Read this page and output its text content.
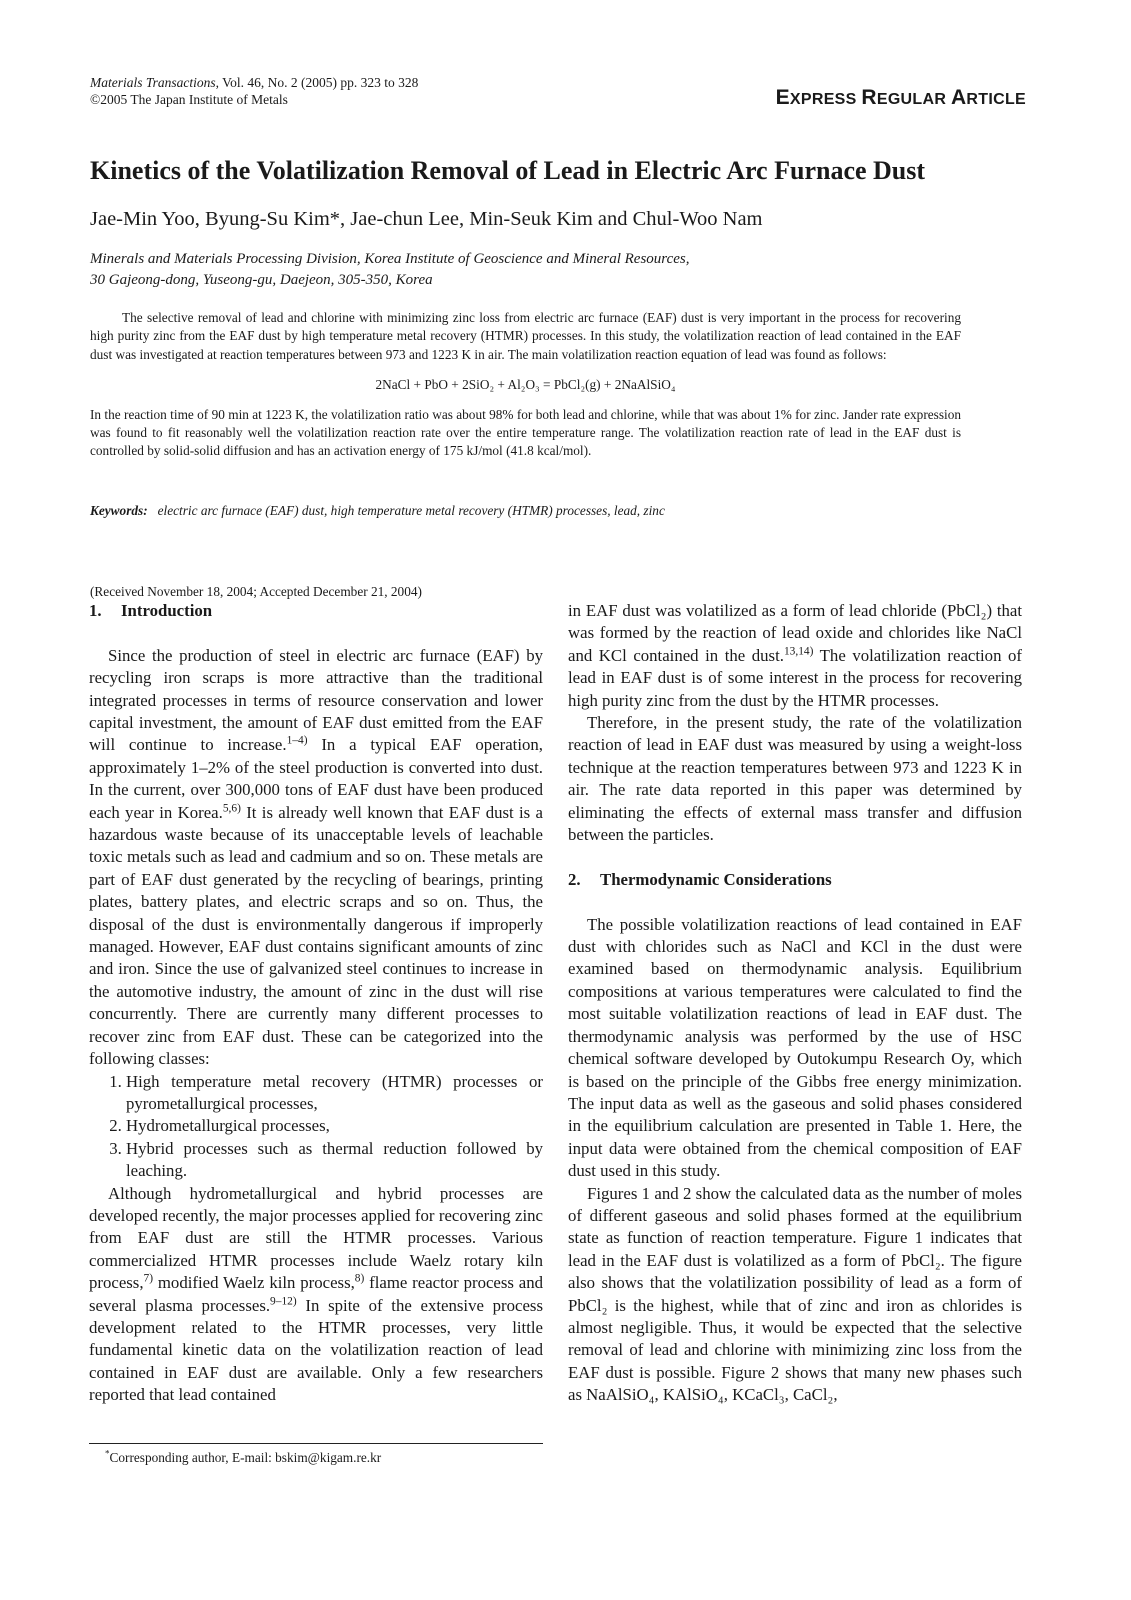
Materials Transactions, Vol. 46, No. 2 (2005) pp. 323 to 328
©2005 The Japan Institute of Metals	EXPRESS REGULAR ARTICLE
Kinetics of the Volatilization Removal of Lead in Electric Arc Furnace Dust
Jae-Min Yoo, Byung-Su Kim*, Jae-chun Lee, Min-Seuk Kim and Chul-Woo Nam
Minerals and Materials Processing Division, Korea Institute of Geoscience and Mineral Resources,
30 Gajeong-dong, Yuseong-gu, Daejeon, 305-350, Korea

The selective removal of lead and chlorine with minimizing zinc loss from electric arc furnace (EAF) dust is very important in the process for recovering high purity zinc from the EAF dust by high temperature metal recovery (HTMR) processes. In this study, the volatilization reaction of lead contained in the EAF dust was investigated at reaction temperatures between 973 and 1223 K in air. The main volatilization reaction equation of lead was found as follows:

2NaCl + PbO + 2SiO₂ + Al₂O₃ = PbCl₂(g) + 2NaAlSiO₄

In the reaction time of 90 min at 1223 K, the volatilization ratio was about 98% for both lead and chlorine, while that was about 1% for zinc. Jander rate expression was found to fit reasonably well the volatilization reaction rate over the entire temperature range. The volatilization reaction rate of lead in the EAF dust is controlled by solid-solid diffusion and has an activation energy of 175 kJ/mol (41.8 kcal/mol).

Keywords: electric arc furnace (EAF) dust, high temperature metal recovery (HTMR) processes, lead, zinc
(Received November 18, 2004; Accepted December 21, 2004)
1. Introduction

Since the production of steel in electric arc furnace (EAF) by recycling iron scraps is more attractive than the traditional integrated processes in terms of resource conservation and lower capital investment, the amount of EAF dust emitted from the EAF will continue to increase.$^{1-4)}$ In a typical EAF operation, approximately 1–2% of the steel production is converted into dust. In the current, over 300,000 tons of EAF dust have been produced each year in Korea.$^{5,6)}$ It is already well known that EAF dust is a hazardous waste because of its unacceptable levels of leachable toxic metals such as lead and cadmium and so on. These metals are part of EAF dust generated by the recycling of bearings, printing plates, battery plates, and electric scraps and so on. Thus, the disposal of the dust is environmentally dangerous if improperly managed. However, EAF dust contains significant amounts of zinc and iron. Since the use of galvanized steel continues to increase in the automotive industry, the amount of zinc in the dust will rise concurrently. There are currently many different processes to recover zinc from EAF dust. These can be categorized into the following classes:

1. High temperature metal recovery (HTMR) processes or pyrometallurgical processes,
2. Hydrometallurgical processes,
3. Hybrid processes such as thermal reduction followed by leaching.

Although hydrometallurgical and hybrid processes are developed recently, the major processes applied for recovering zinc from EAF dust are still the HTMR processes. Various commercialized HTMR processes include Waelz rotary kiln process,$^{7)}$ modified Waelz kiln process,$^{8)}$ flame reactor process and several plasma processes.$^{9-12)}$ In spite of the extensive process development related to the HTMR processes, very little fundamental kinetic data on the volatilization reaction of lead contained in EAF dust are available. Only a few researchers reported that lead contained

in EAF dust was volatilized as a form of lead chloride (PbCl₂) that was formed by the reaction of lead oxide and chlorides like NaCl and KCl contained in the dust.$^{13,14)}$ The volatilization reaction of lead in EAF dust is of some interest in the process for recovering high purity zinc from the dust by the HTMR processes.

Therefore, in the present study, the rate of the volatilization reaction of lead in EAF dust was measured by using a weight-loss technique at the reaction temperatures between 973 and 1223 K in air. The rate data reported in this paper was determined by eliminating the effects of external mass transfer and diffusion between the particles.

2. Thermodynamic Considerations

The possible volatilization reactions of lead contained in EAF dust with chlorides such as NaCl and KCl in the dust were examined based on thermodynamic analysis. Equilibrium compositions at various temperatures were calculated to find the most suitable volatilization reactions of lead in EAF dust. The thermodynamic analysis was performed by the use of HSC chemical software developed by Outokumpu Research Oy, which is based on the principle of the Gibbs free energy minimization. The input data as well as the gaseous and solid phases considered in the equilibrium calculation are presented in Table 1. Here, the input data were obtained from the chemical composition of EAF dust used in this study.

Figures 1 and 2 show the calculated data as the number of moles of different gaseous and solid phases formed at the equilibrium state as function of reaction temperature. Figure 1 indicates that lead in the EAF dust is volatilized as a form of PbCl₂. The figure also shows that the volatilization possibility of lead as a form of PbCl₂ is the highest, while that of zinc and iron as chlorides is almost negligible. Thus, it would be expected that the selective removal of lead and chlorine with minimizing zinc loss from the EAF dust is possible. Figure 2 shows that many new phases such as NaAlSiO₄, KAlSiO₄, KCaCl₃, CaCl₂,

*Corresponding author, E-mail: bskim@kigam.re.kr
